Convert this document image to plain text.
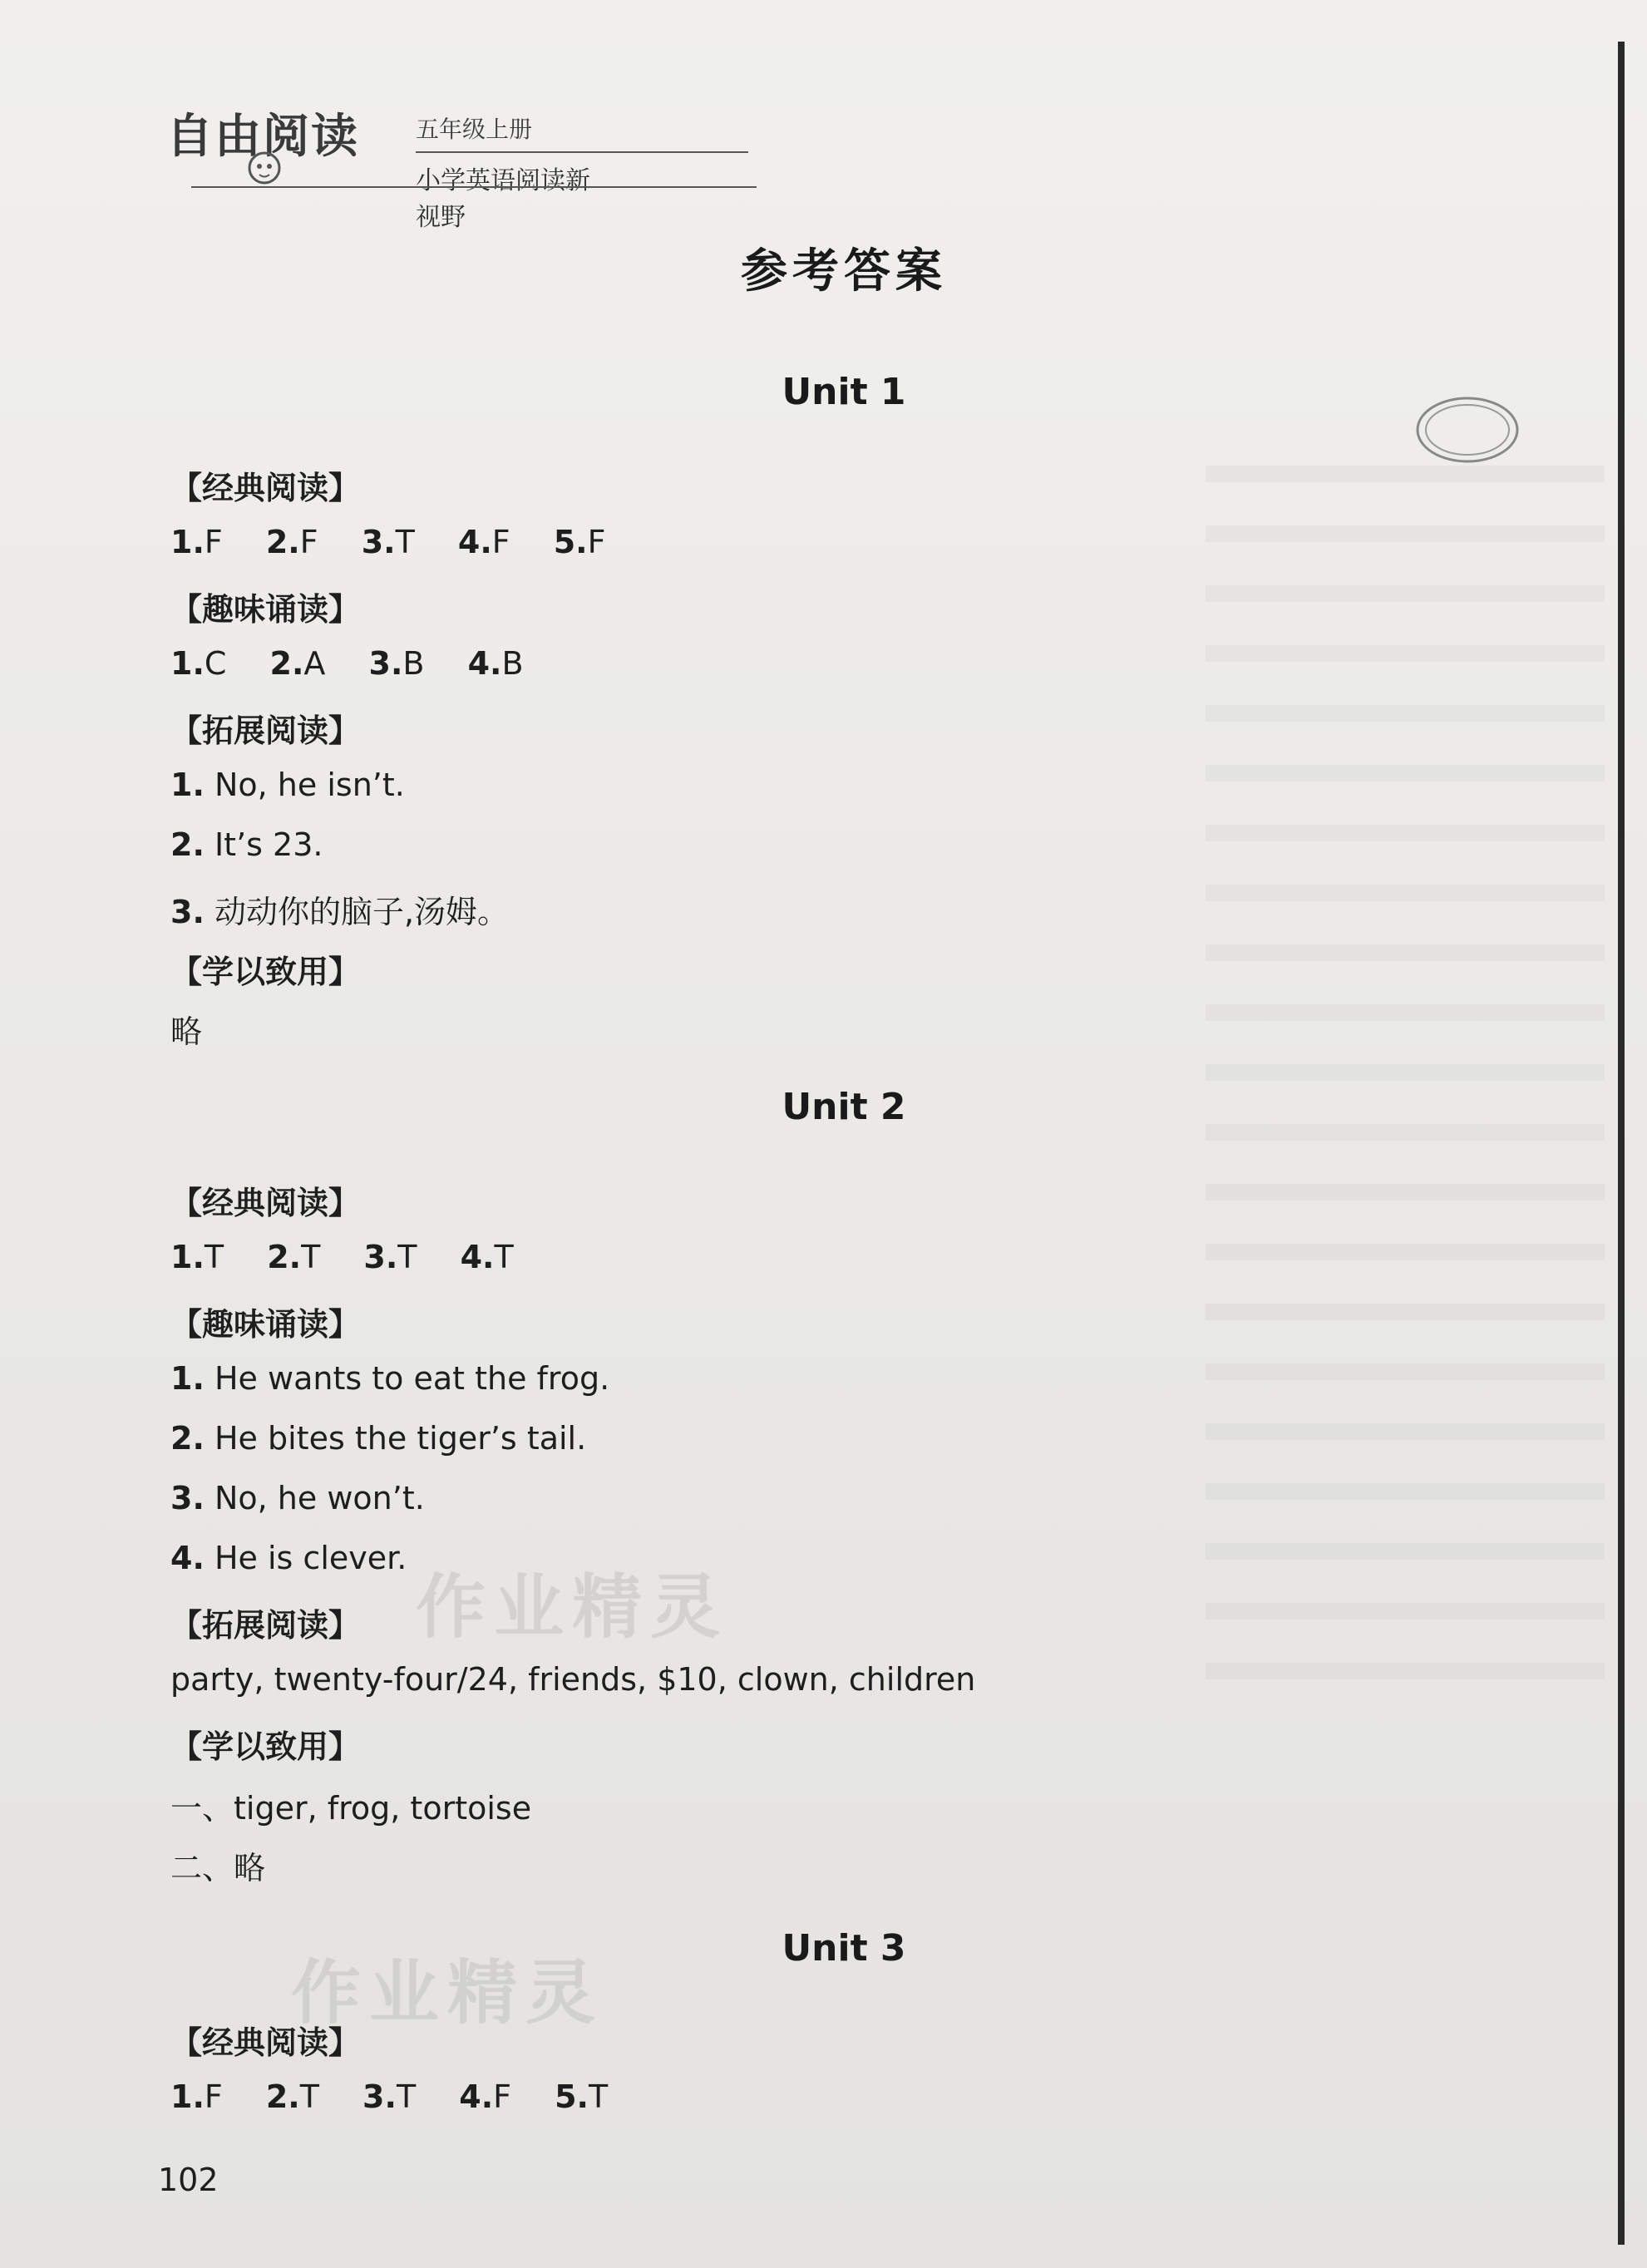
自由阅读 五年级上册
小学英语阅读新视野
参考答案
Unit 1
【经典阅读】
1.F 2.F 3.T 4.F 5.F
【趣味诵读】
1.C 2.A 3.B 4.B
【拓展阅读】
1. No, he isn’t.
2. It’s 23.
3. 动动你的脑子,汤姆。
【学以致用】
略
Unit 2
【经典阅读】
1.T 2.T 3.T 4.T
【趣味诵读】
1. He wants to eat the frog.
2. He bites the tiger’s tail.
3. No, he won’t.
4. He is clever.
【拓展阅读】
party, twenty-four/24, friends, $10, clown, children
【学以致用】
一、tiger, frog, tortoise
二、略
Unit 3
【经典阅读】
1.F 2.T 3.T 4.F 5.T
作业精灵
作业精灵
102
